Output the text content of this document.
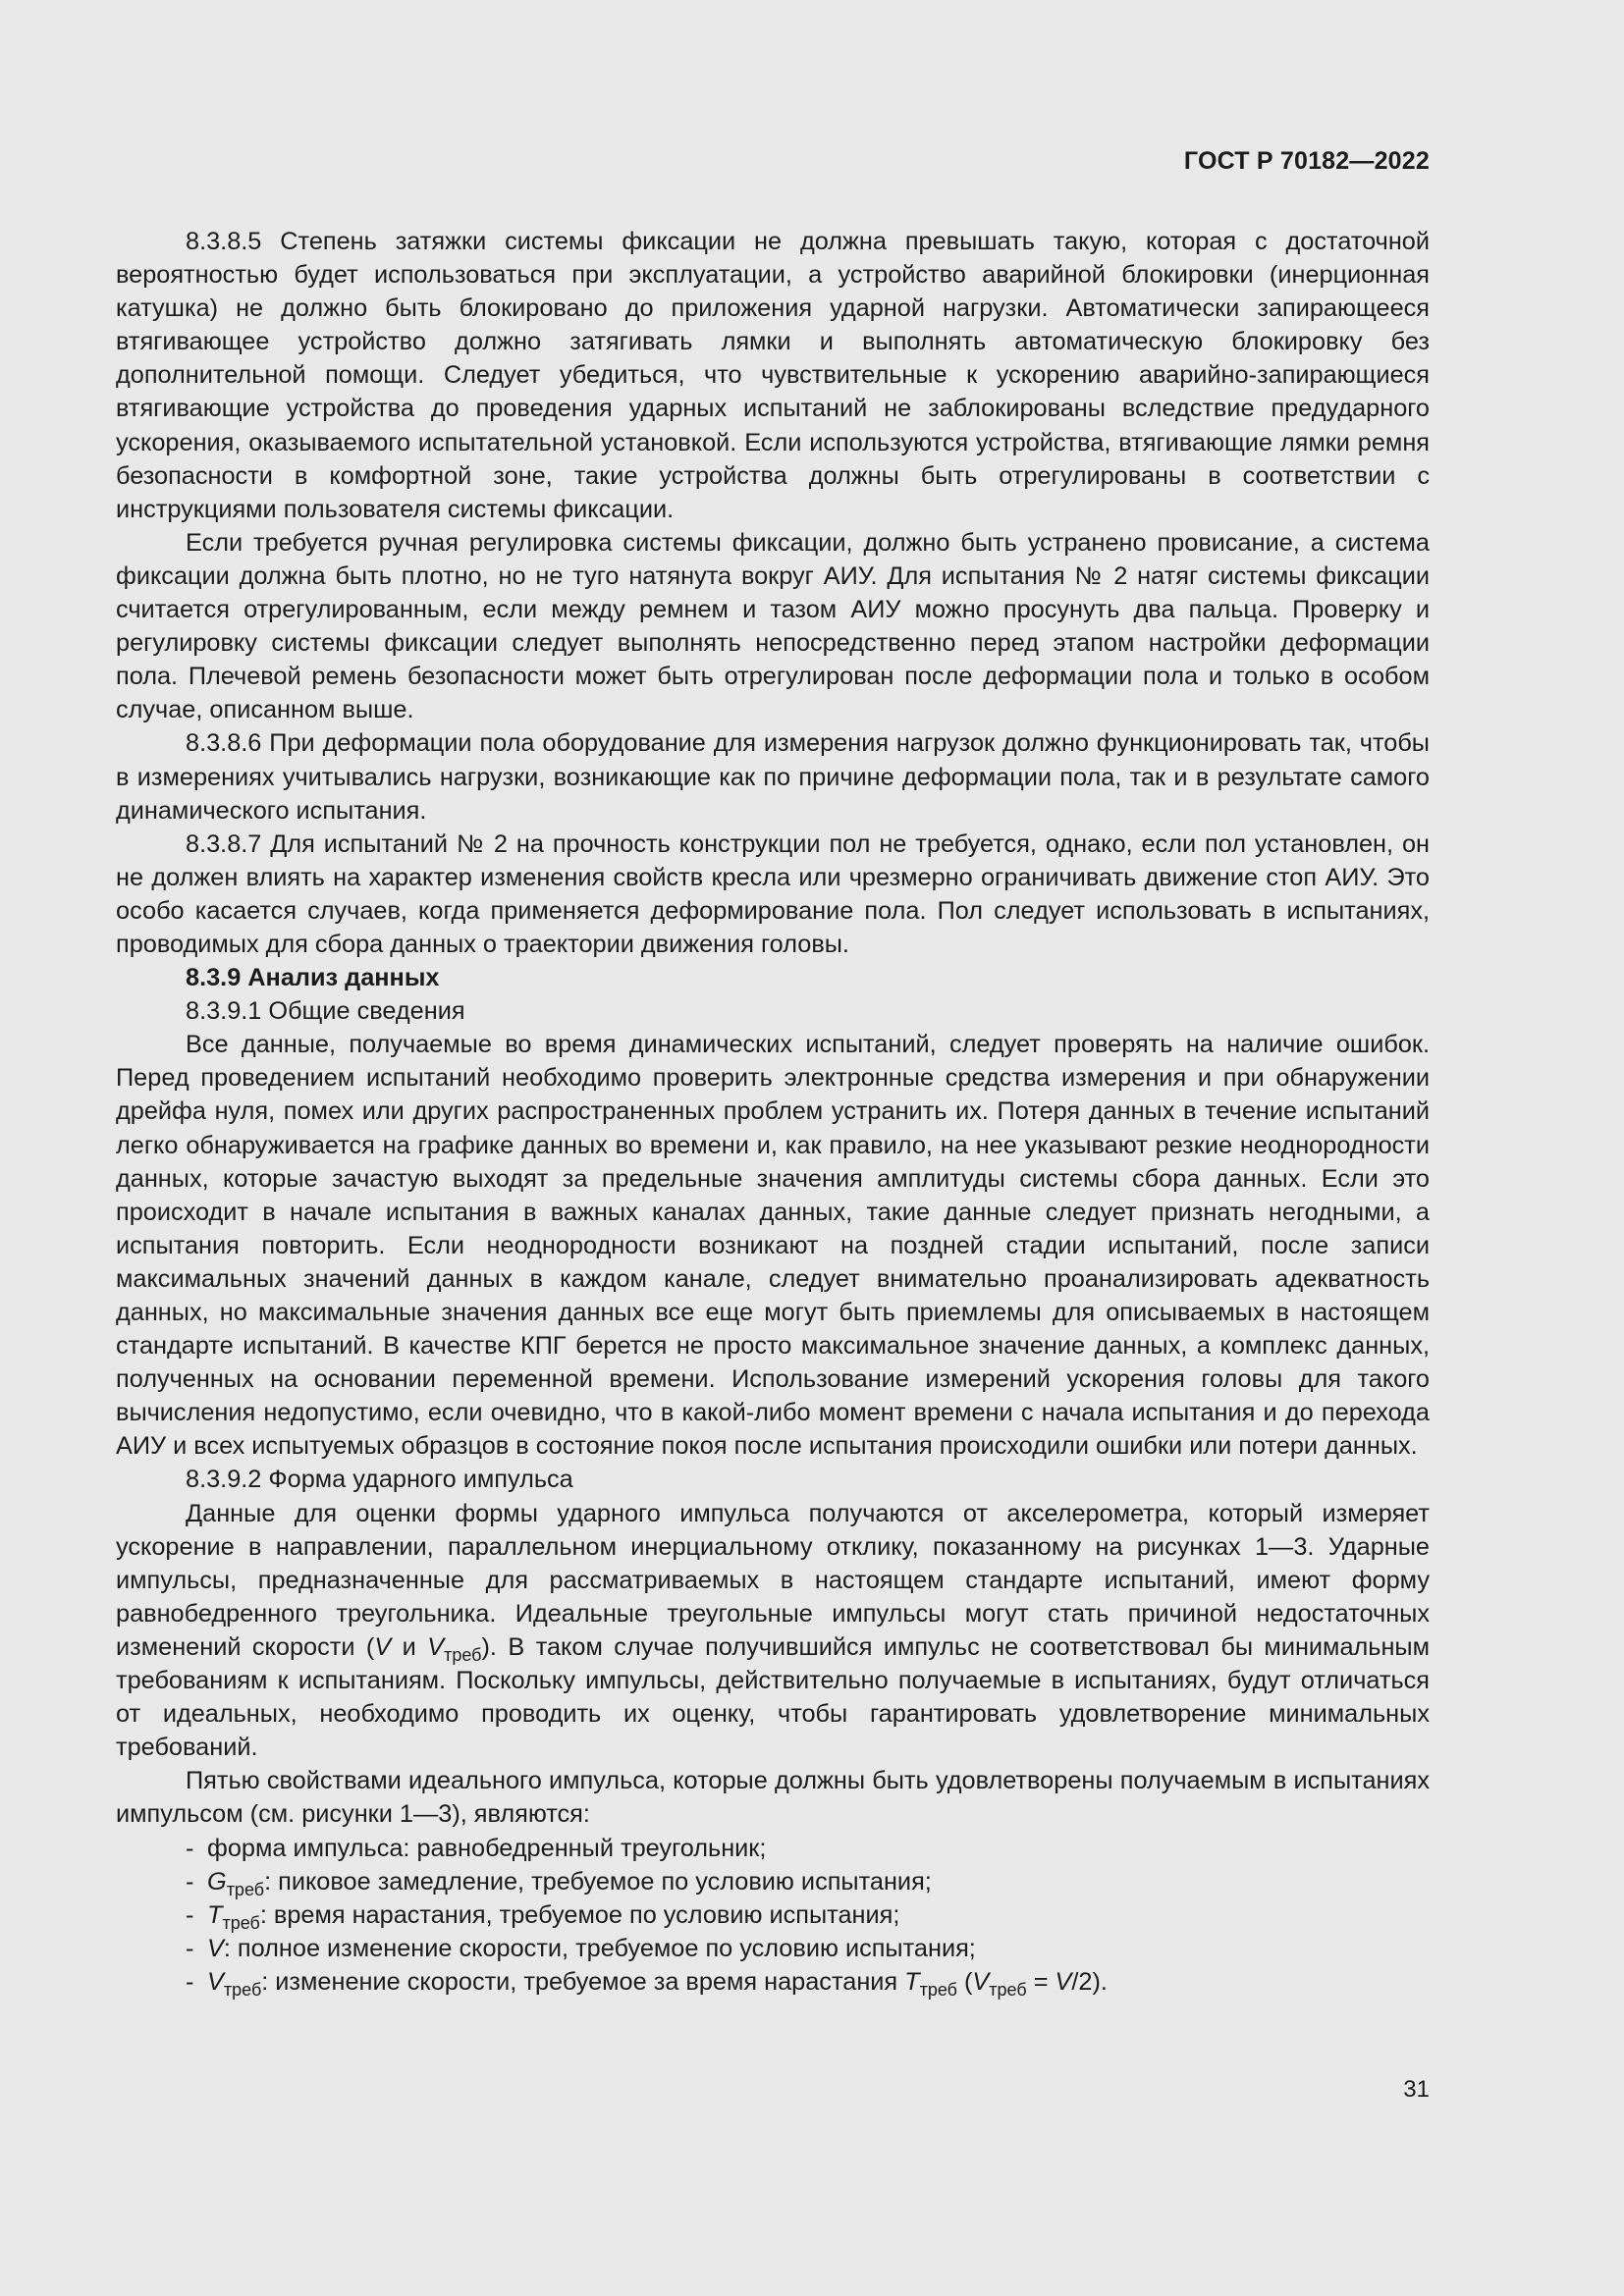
ГОСТ Р 70182—2022

8.3.8.5 Степень затяжки системы фиксации не должна превышать такую, которая с достаточной вероятностью будет использоваться при эксплуатации, а устройство аварийной блокировки (инерционная катушка) не должно быть блокировано до приложения ударной нагрузки. Автоматически запирающееся втягивающее устройство должно затягивать лямки и выполнять автоматическую блокировку без дополнительной помощи. Следует убедиться, что чувствительные к ускорению аварийно-запирающиеся втягивающие устройства до проведения ударных испытаний не заблокированы вследствие предударного ускорения, оказываемого испытательной установкой. Если используются устройства, втягивающие лямки ремня безопасности в комфортной зоне, такие устройства должны быть отрегулированы в соответствии с инструкциями пользователя системы фиксации.

Если требуется ручная регулировка системы фиксации, должно быть устранено провисание, а система фиксации должна быть плотно, но не туго натянута вокруг АИУ. Для испытания № 2 натяг системы фиксации считается отрегулированным, если между ремнем и тазом АИУ можно просунуть два пальца. Проверку и регулировку системы фиксации следует выполнять непосредственно перед этапом настройки деформации пола. Плечевой ремень безопасности может быть отрегулирован после деформации пола и только в особом случае, описанном выше.

8.3.8.6 При деформации пола оборудование для измерения нагрузок должно функционировать так, чтобы в измерениях учитывались нагрузки, возникающие как по причине деформации пола, так и в результате самого динамического испытания.

8.3.8.7 Для испытаний № 2 на прочность конструкции пол не требуется, однако, если пол установлен, он не должен влиять на характер изменения свойств кресла или чрезмерно ограничивать движение стоп АИУ. Это особо касается случаев, когда применяется деформирование пола. Пол следует использовать в испытаниях, проводимых для сбора данных о траектории движения головы.

8.3.9 Анализ данных

8.3.9.1 Общие сведения

Все данные, получаемые во время динамических испытаний, следует проверять на наличие ошибок. Перед проведением испытаний необходимо проверить электронные средства измерения и при обнаружении дрейфа нуля, помех или других распространенных проблем устранить их. Потеря данных в течение испытаний легко обнаруживается на графике данных во времени и, как правило, на нее указывают резкие неоднородности данных, которые зачастую выходят за предельные значения амплитуды системы сбора данных. Если это происходит в начале испытания в важных каналах данных, такие данные следует признать негодными, а испытания повторить. Если неоднородности возникают на поздней стадии испытаний, после записи максимальных значений данных в каждом канале, следует внимательно проанализировать адекватность данных, но максимальные значения данных все еще могут быть приемлемы для описываемых в настоящем стандарте испытаний. В качестве КПГ берется не просто максимальное значение данных, а комплекс данных, полученных на основании переменной времени. Использование измерений ускорения головы для такого вычисления недопустимо, если очевидно, что в какой-либо момент времени с начала испытания и до перехода АИУ и всех испытуемых образцов в состояние покоя после испытания происходили ошибки или потери данных.

8.3.9.2 Форма ударного импульса

Данные для оценки формы ударного импульса получаются от акселерометра, который измеряет ускорение в направлении, параллельном инерциальному отклику, показанному на рисунках 1—3. Ударные импульсы, предназначенные для рассматриваемых в настоящем стандарте испытаний, имеют форму равнобедренного треугольника. Идеальные треугольные импульсы могут стать причиной недостаточных изменений скорости (V и $V_{треб}$). В таком случае получившийся импульс не соответствовал бы минимальным требованиям к испытаниям. Поскольку импульсы, действительно получаемые в испытаниях, будут отличаться от идеальных, необходимо проводить их оценку, чтобы гарантировать удовлетворение минимальных требований.

Пятью свойствами идеального импульса, которые должны быть удовлетворены получаемым в испытаниях импульсом (см. рисунки 1—3), являются:

- форма импульса: равнобедренный треугольник;
- $G_{треб}$: пиковое замедление, требуемое по условию испытания;
- $T_{треб}$: время нарастания, требуемое по условию испытания;
- V: полное изменение скорости, требуемое по условию испытания;
- $V_{треб}$: изменение скорости, требуемое за время нарастания $T_{треб}$ $(V_{треб} = V/2)$.
31
